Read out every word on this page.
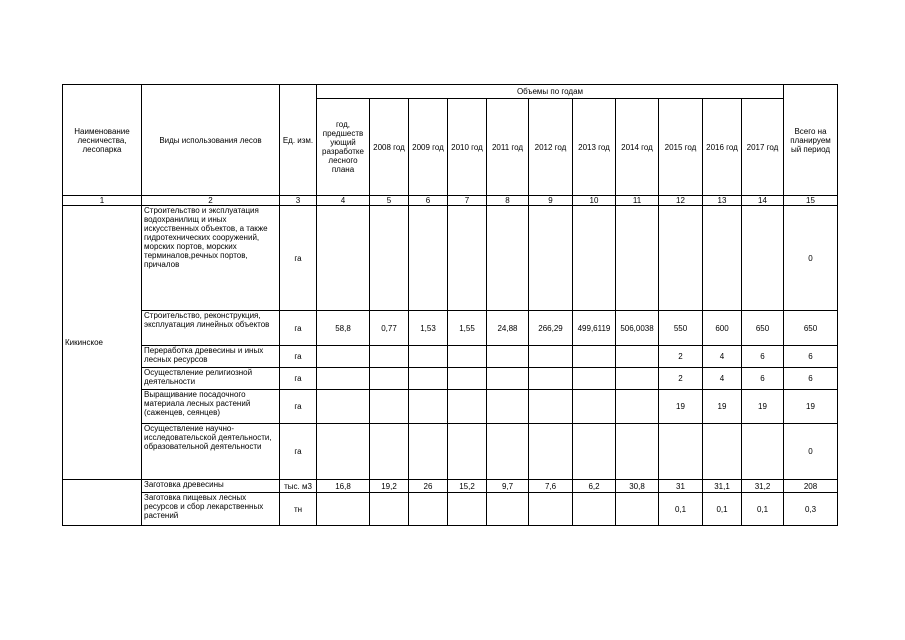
Наименование лесничества, лесопарка	Виды использования лесов	Ед. изм.	Объемы по годам											Всего на планируем ый период
			год, предшеств ующий разработке лесного плана	2008 год	2009 год	2010 год	2011 год	2012 год	2013 год	2014 год	2015 год	2016 год	2017 год	
1	2	3	4	5	6	7	8	9	10	11	12	13	14	15
Кикинское	Строительство и эксплуатация водохранилищ и иных искусственных объектов, а также гидротехнических сооружений, морских портов, морских терминалов,речных портов, причалов	га												0
	Строительство, реконструкция, эксплуатация линейных объектов	га	58,8	0,77	1,53	1,55	24,88	266,29	499,6119	506,0038	550	600	650	650
	Переработка древесины и иных лесных ресурсов	га									2	4	6	6
	Осуществление религиозной деятельности	га									2	4	6	6
	Выращивание посадочного материала лесных растений (саженцев, сеянцев)	га									19	19	19	19
	Осуществление научно-исследовательской деятельности, образовательной деятельности	га												0
	Заготовка древесины	тыс. м3	16,8	19,2	26	15,2	9,7	7,6	6,2	30,8	31	31,1	31,2	208
	Заготовка пищевых лесных ресурсов и сбор лекарственных растений	тн									0,1	0,1	0,1	0,3
